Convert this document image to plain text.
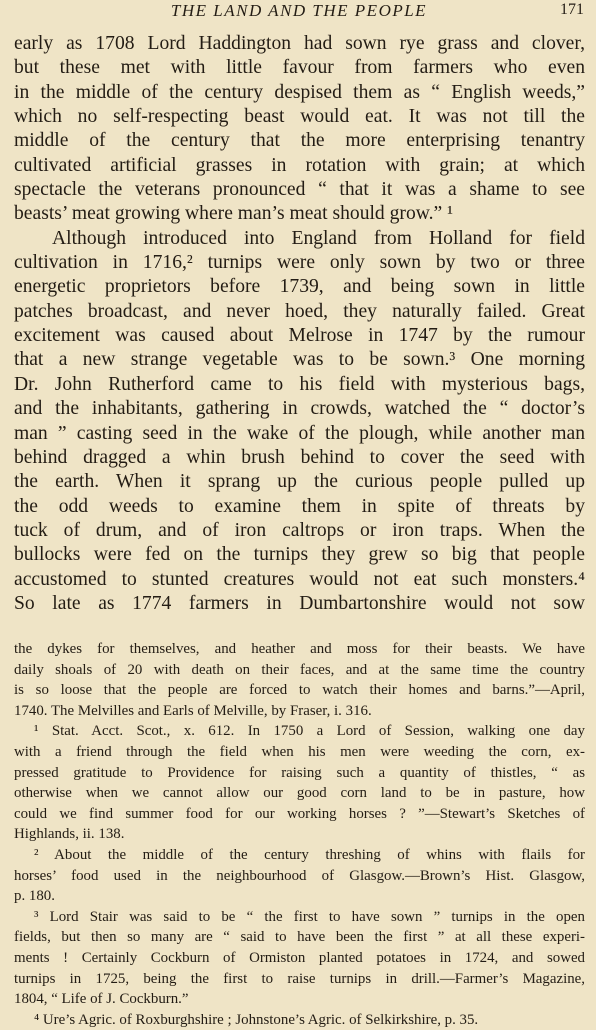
THE LAND AND THE PEOPLE	171
early as 1708 Lord Haddington had sown rye grass and clover,
but these met with little favour from farmers who even
in the middle of the century despised them as “ English weeds,”
which no self-respecting beast would eat. It was not till the
middle of the century that the more enterprising tenantry
cultivated artificial grasses in rotation with grain; at which
spectacle the veterans pronounced “ that it was a shame to see
beasts’ meat growing where man’s meat should grow.” ¹
Although introduced into England from Holland for field
cultivation in 1716,² turnips were only sown by two or three
energetic proprietors before 1739, and being sown in little
patches broadcast, and never hoed, they naturally failed. Great
excitement was caused about Melrose in 1747 by the rumour
that a new strange vegetable was to be sown.³ One morning
Dr. John Rutherford came to his field with mysterious bags,
and the inhabitants, gathering in crowds, watched the “ doctor’s
man ” casting seed in the wake of the plough, while another man
behind dragged a whin brush behind to cover the seed with
the earth. When it sprang up the curious people pulled up
the odd weeds to examine them in spite of threats by
tuck of drum, and of iron caltrops or iron traps. When the
bullocks were fed on the turnips they grew so big that people
accustomed to stunted creatures would not eat such monsters.⁴
So late as 1774 farmers in Dumbartonshire would not sow
the dykes for themselves, and heather and moss for their beasts. We have
daily shoals of 20 with death on their faces, and at the same time the country
is so loose that the people are forced to watch their homes and barns.”—April,
1740. The Melvilles and Earls of Melville, by Fraser, i. 316.
¹ Stat. Acct. Scot., x. 612. In 1750 a Lord of Session, walking one day
with a friend through the field when his men were weeding the corn, ex-
pressed gratitude to Providence for raising such a quantity of thistles, “ as
otherwise when we cannot allow our good corn land to be in pasture, how
could we find summer food for our working horses ? ”—Stewart’s Sketches of
Highlands, ii. 138.
² About the middle of the century threshing of whins with flails for
horses’ food used in the neighbourhood of Glasgow.—Brown’s Hist. Glasgow,
p. 180.
³ Lord Stair was said to be “ the first to have sown ” turnips in the open
fields, but then so many are “ said to have been the first ” at all these experi-
ments ! Certainly Cockburn of Ormiston planted potatoes in 1724, and sowed
turnips in 1725, being the first to raise turnips in drill.—Farmer’s Magazine,
1804, “ Life of J. Cockburn.”
⁴ Ure’s Agric. of Roxburghshire ; Johnstone’s Agric. of Selkirkshire, p. 35.
